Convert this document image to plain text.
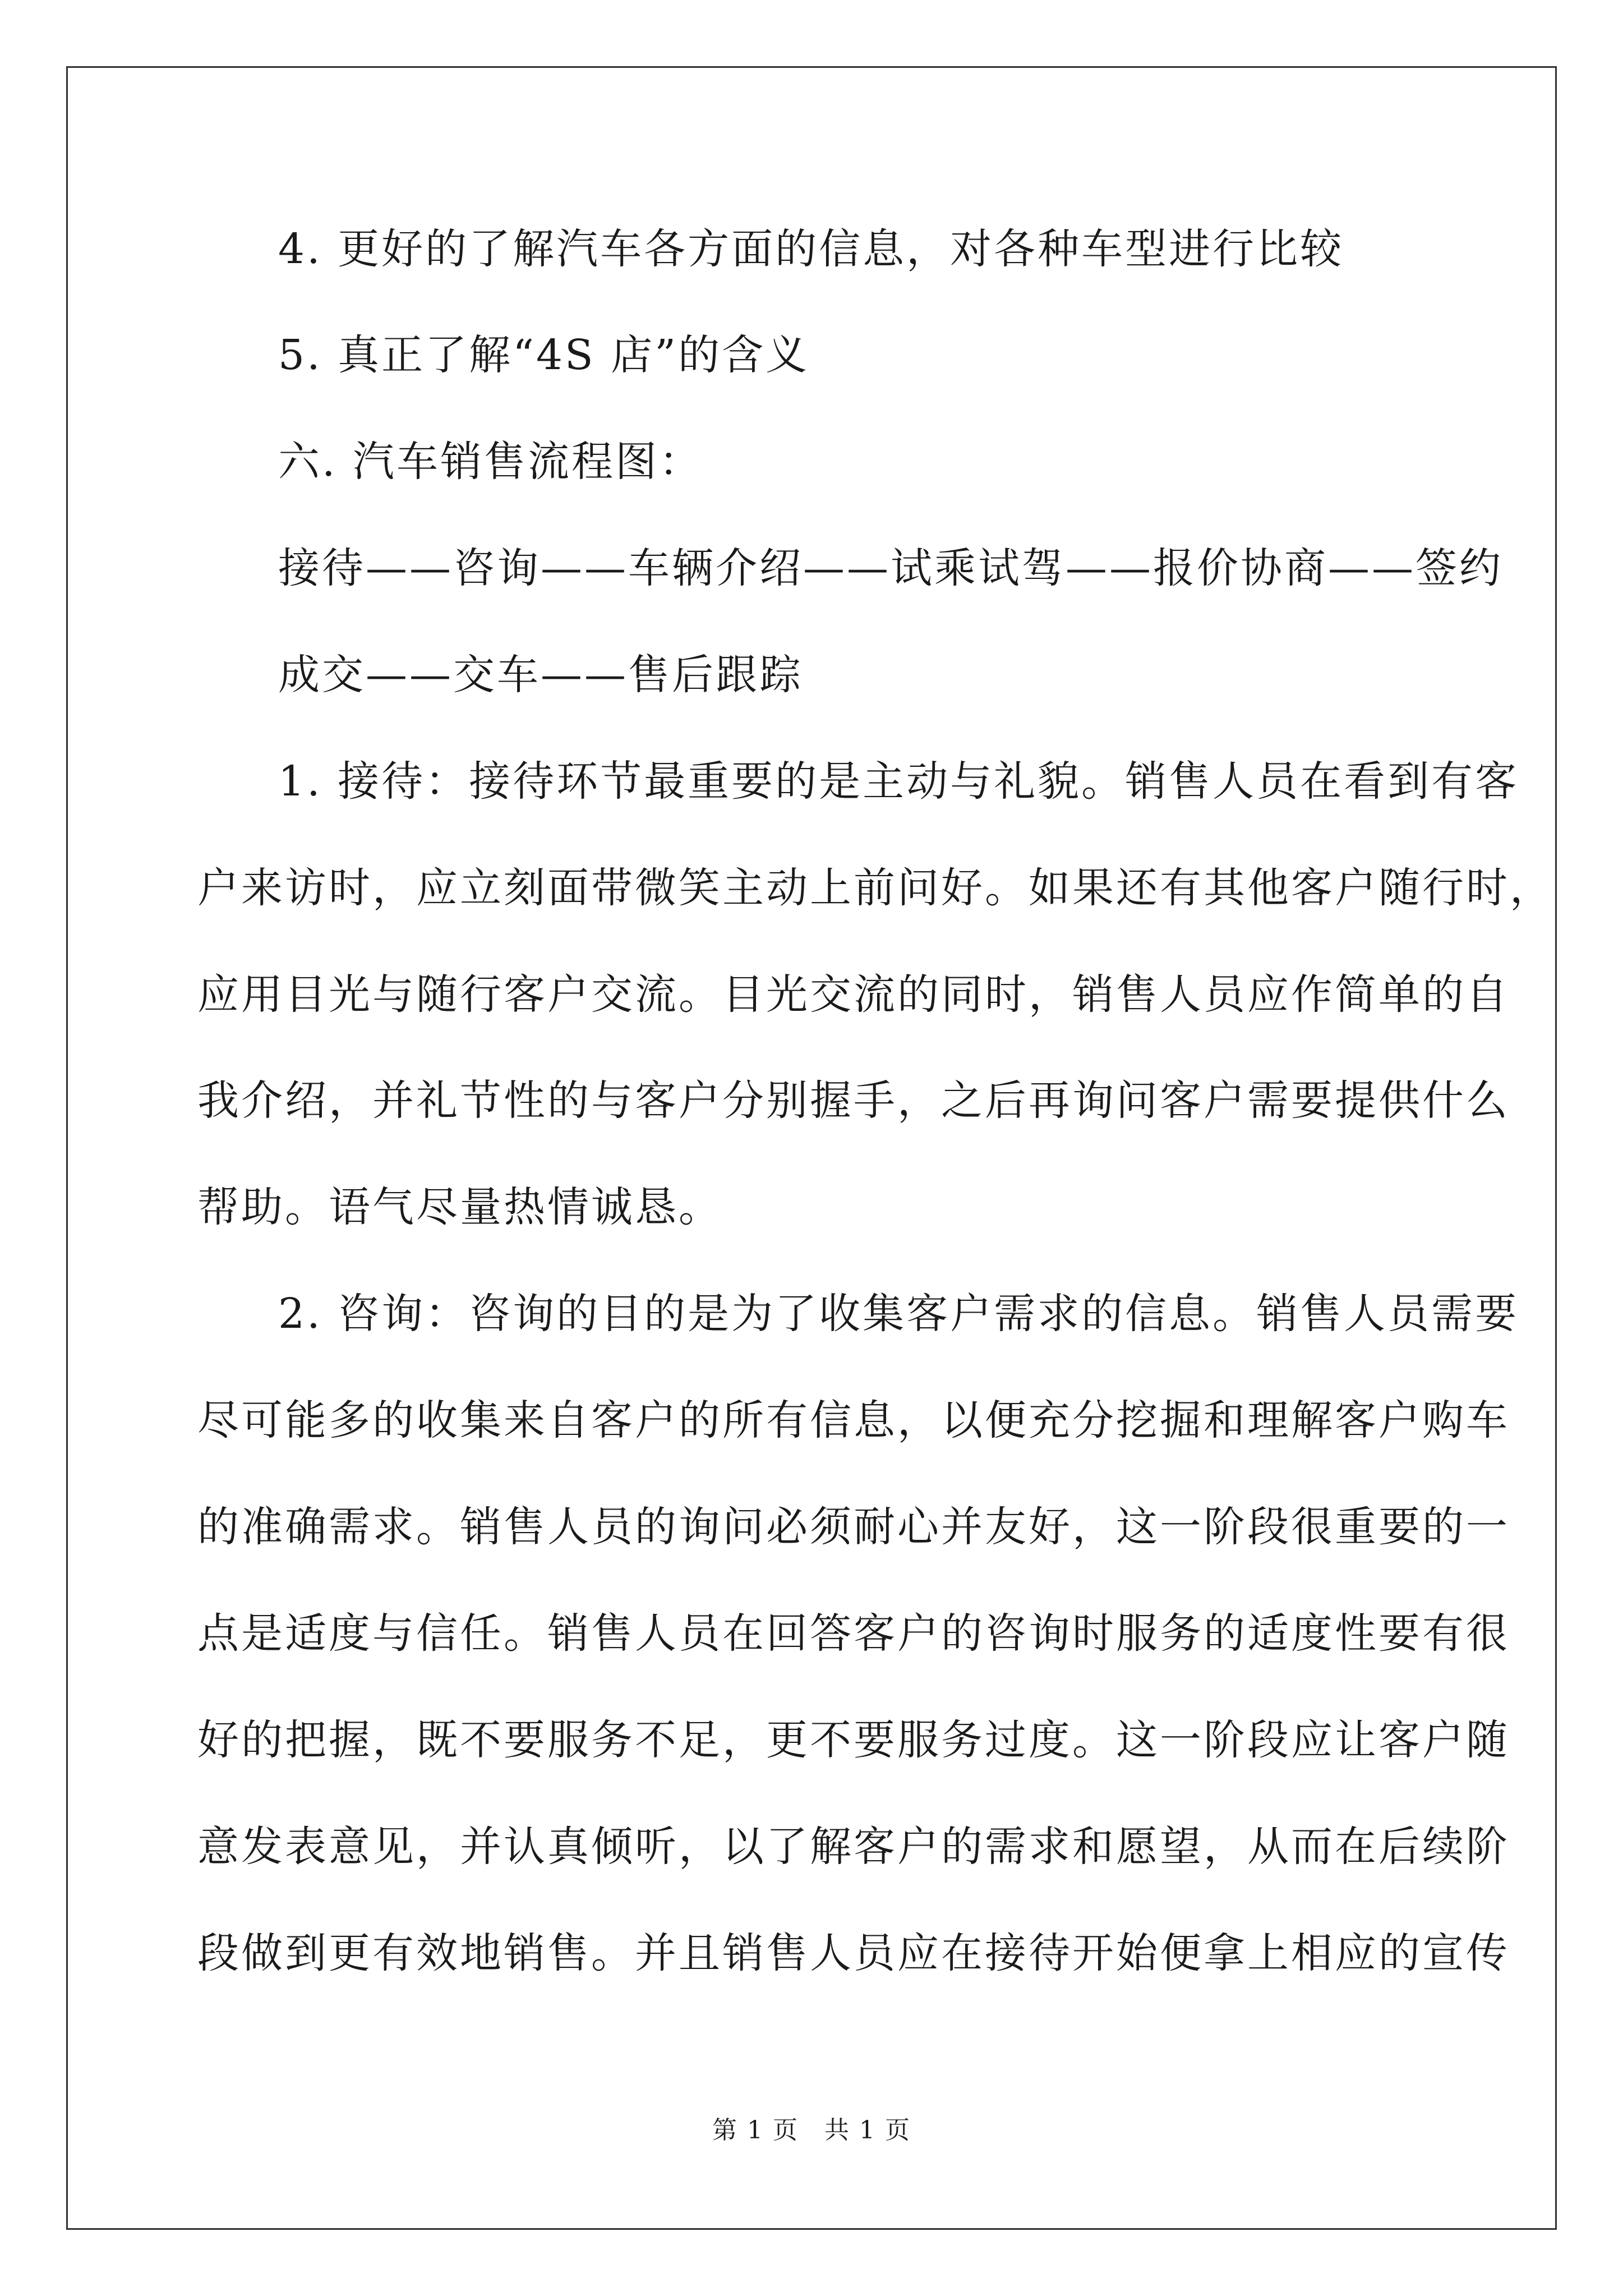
4. 更好的了解汽车各方面的信息，对各种车型进行比较
5. 真正了解“4S 店”的含义
六. 汽车销售流程图：
接待——咨询——车辆介绍——试乘试驾——报价协商——签约
成交——交车——售后跟踪
1. 接待：接待环节最重要的是主动与礼貌。销售人员在看到有客
户来访时，应立刻面带微笑主动上前问好。如果还有其他客户随行时，
应用目光与随行客户交流。目光交流的同时，销售人员应作简单的自
我介绍，并礼节性的与客户分别握手，之后再询问客户需要提供什么
帮助。语气尽量热情诚恳。
2. 咨询：咨询的目的是为了收集客户需求的信息。销售人员需要
尽可能多的收集来自客户的所有信息，以便充分挖掘和理解客户购车
的准确需求。销售人员的询问必须耐心并友好，这一阶段很重要的一
点是适度与信任。销售人员在回答客户的咨询时服务的适度性要有很
好的把握，既不要服务不足，更不要服务过度。这一阶段应让客户随
意发表意见，并认真倾听，以了解客户的需求和愿望，从而在后续阶
段做到更有效地销售。并且销售人员应在接待开始便拿上相应的宣传
第 1 页　共 1 页
